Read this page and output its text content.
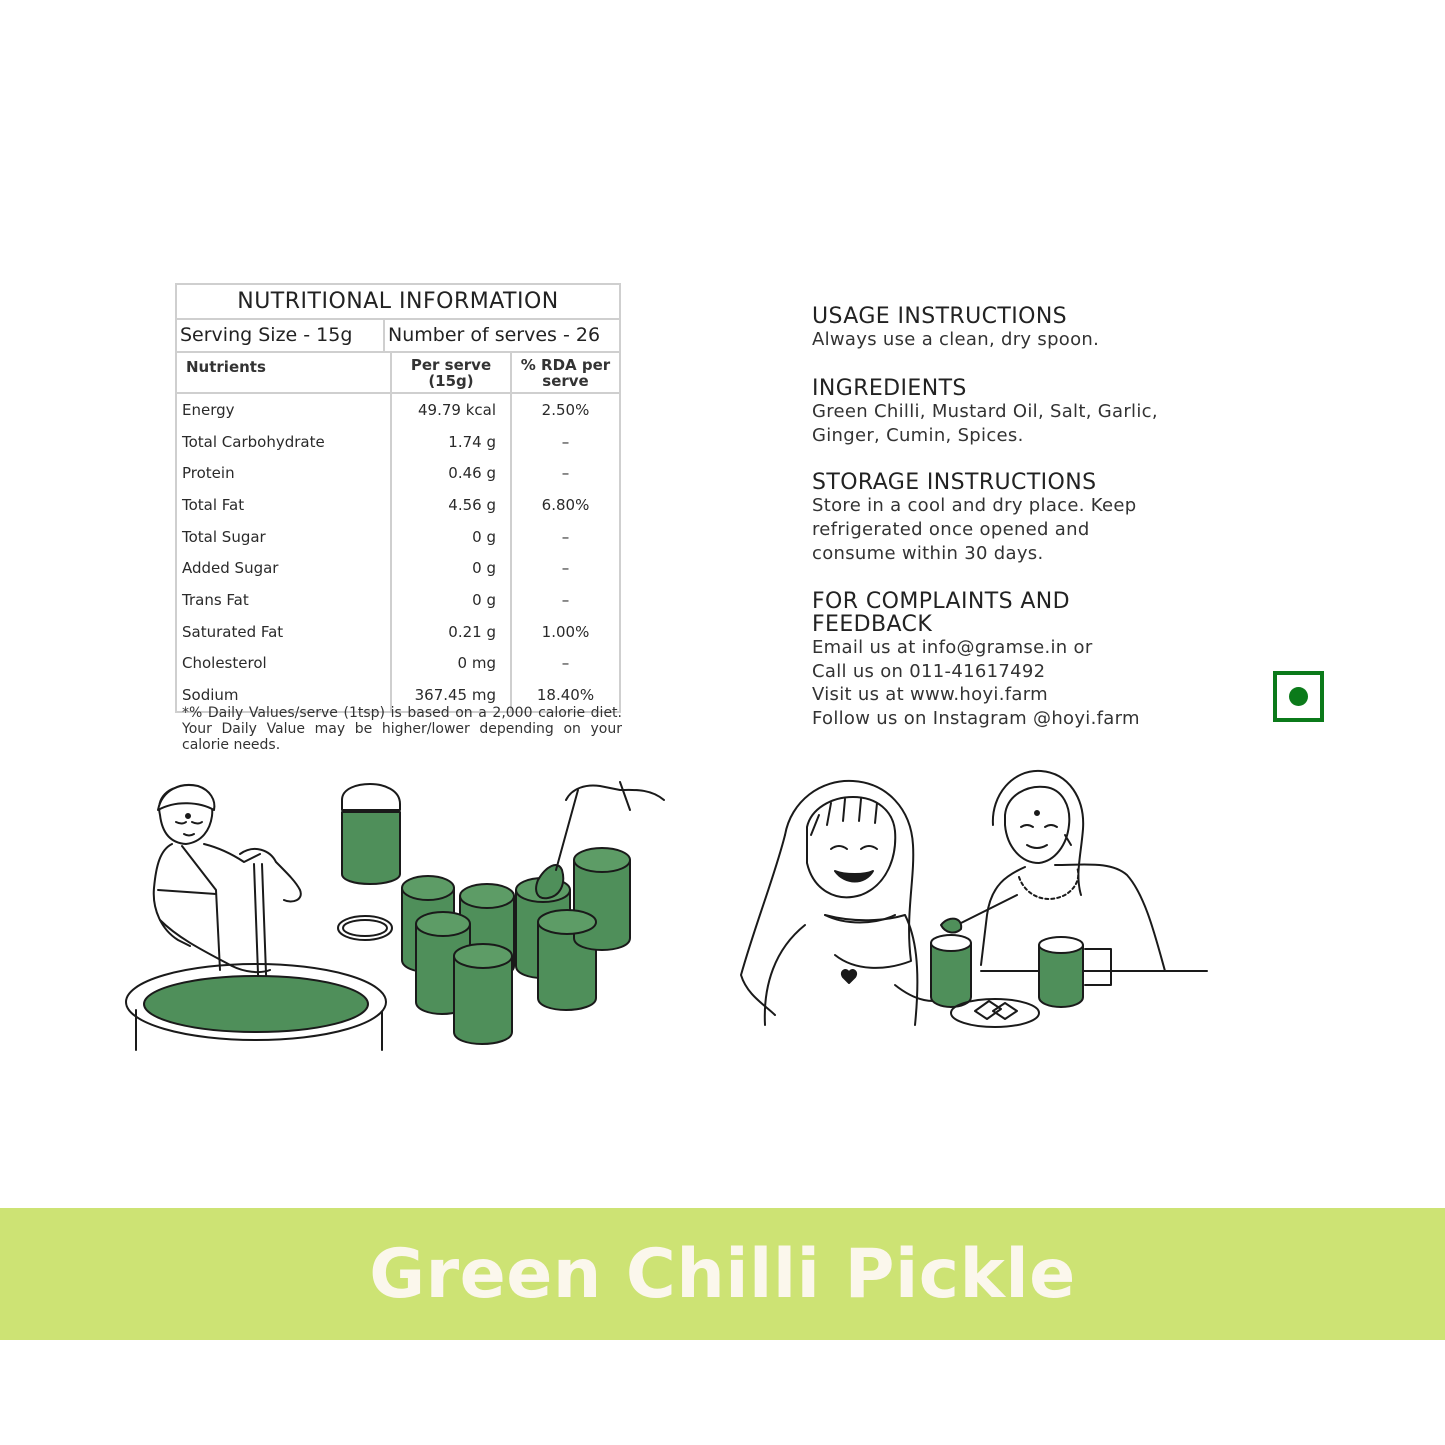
NUTRITIONAL INFORMATION
Serving Size - 15g	Number of serves - 26
Nutrients	Per serve (15g)	% RDA per serve
Energy	49.79 kcal	2.50%
Total Carbohydrate	1.74 g	–
Protein	0.46 g	–
Total Fat	4.56 g	6.80%
Total Sugar	0 g	–
Added Sugar	0 g	–
Trans Fat	0 g	–
Saturated Fat	0.21 g	1.00%
Cholesterol	0 mg	–
Sodium	367.45 mg	18.40%
*% Daily Values/serve (1tsp) is based on a 2,000 calorie diet. Your Daily Value may be higher/lower depending on your calorie needs.
USAGE INSTRUCTIONS

Always use a clean, dry spoon.

INGREDIENTS

Green Chilli, Mustard Oil, Salt, Garlic,

Ginger, Cumin, Spices.

STORAGE INSTRUCTIONS

Store in a cool and dry place. Keep

refrigerated once opened and

consume within 30 days.

FOR COMPLAINTS AND
FEEDBACK

Email us at info@gramse.in or

Call us on 011-41617492

Visit us at www.hoyi.farm

Follow us on Instagram @hoyi.farm

Green Chilli Pickle
